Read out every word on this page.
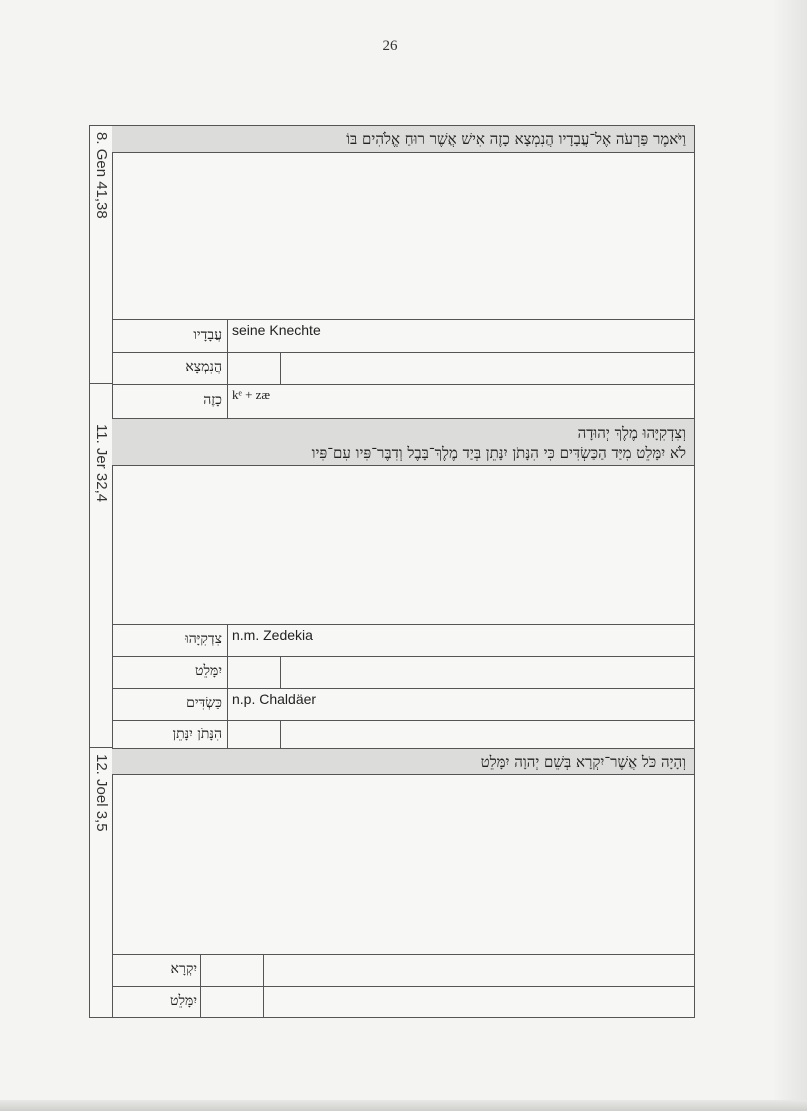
26
8. Gen 41,38
11. Jer 32,4
12. Joel 3,5
וַיֹּאמֶר פַּרְעֹה אֶל־עֲבָדָיו הֲנִמְצָא כָזֶה אִישׁ אֲשֶׁר רוּחַ אֱלֹהִים בּוֹ
עֲבָדָיו seine Knechte
הֲנִמְצָא
כָזֶה kᵉ + zæ
וְצִדְקִיָּהוּ מֶלֶךְ יְהוּדָה
לֹא יִמָּלֵט מִיַּד הַכַּשְׂדִּים כִּי הִנָּתֹן יִנָּתֵן בְּיַד מֶלֶךְ־בָּבֶל וְדִבֶּר־פִּיו עִם־פִּיו
צִדְקִיָּהוּ n.m. Zedekia
יִמָּלֵט
כַּשְׂדִּים n.p. Chaldäer
הִנָּתֹן יִנָּתֵן
וְהָיָה כֹּל אֲשֶׁר־יִקְרָא בְּשֵׁם יְהוָה יִמָּלֵט
יִקְרָא
יִמָּלֵט
